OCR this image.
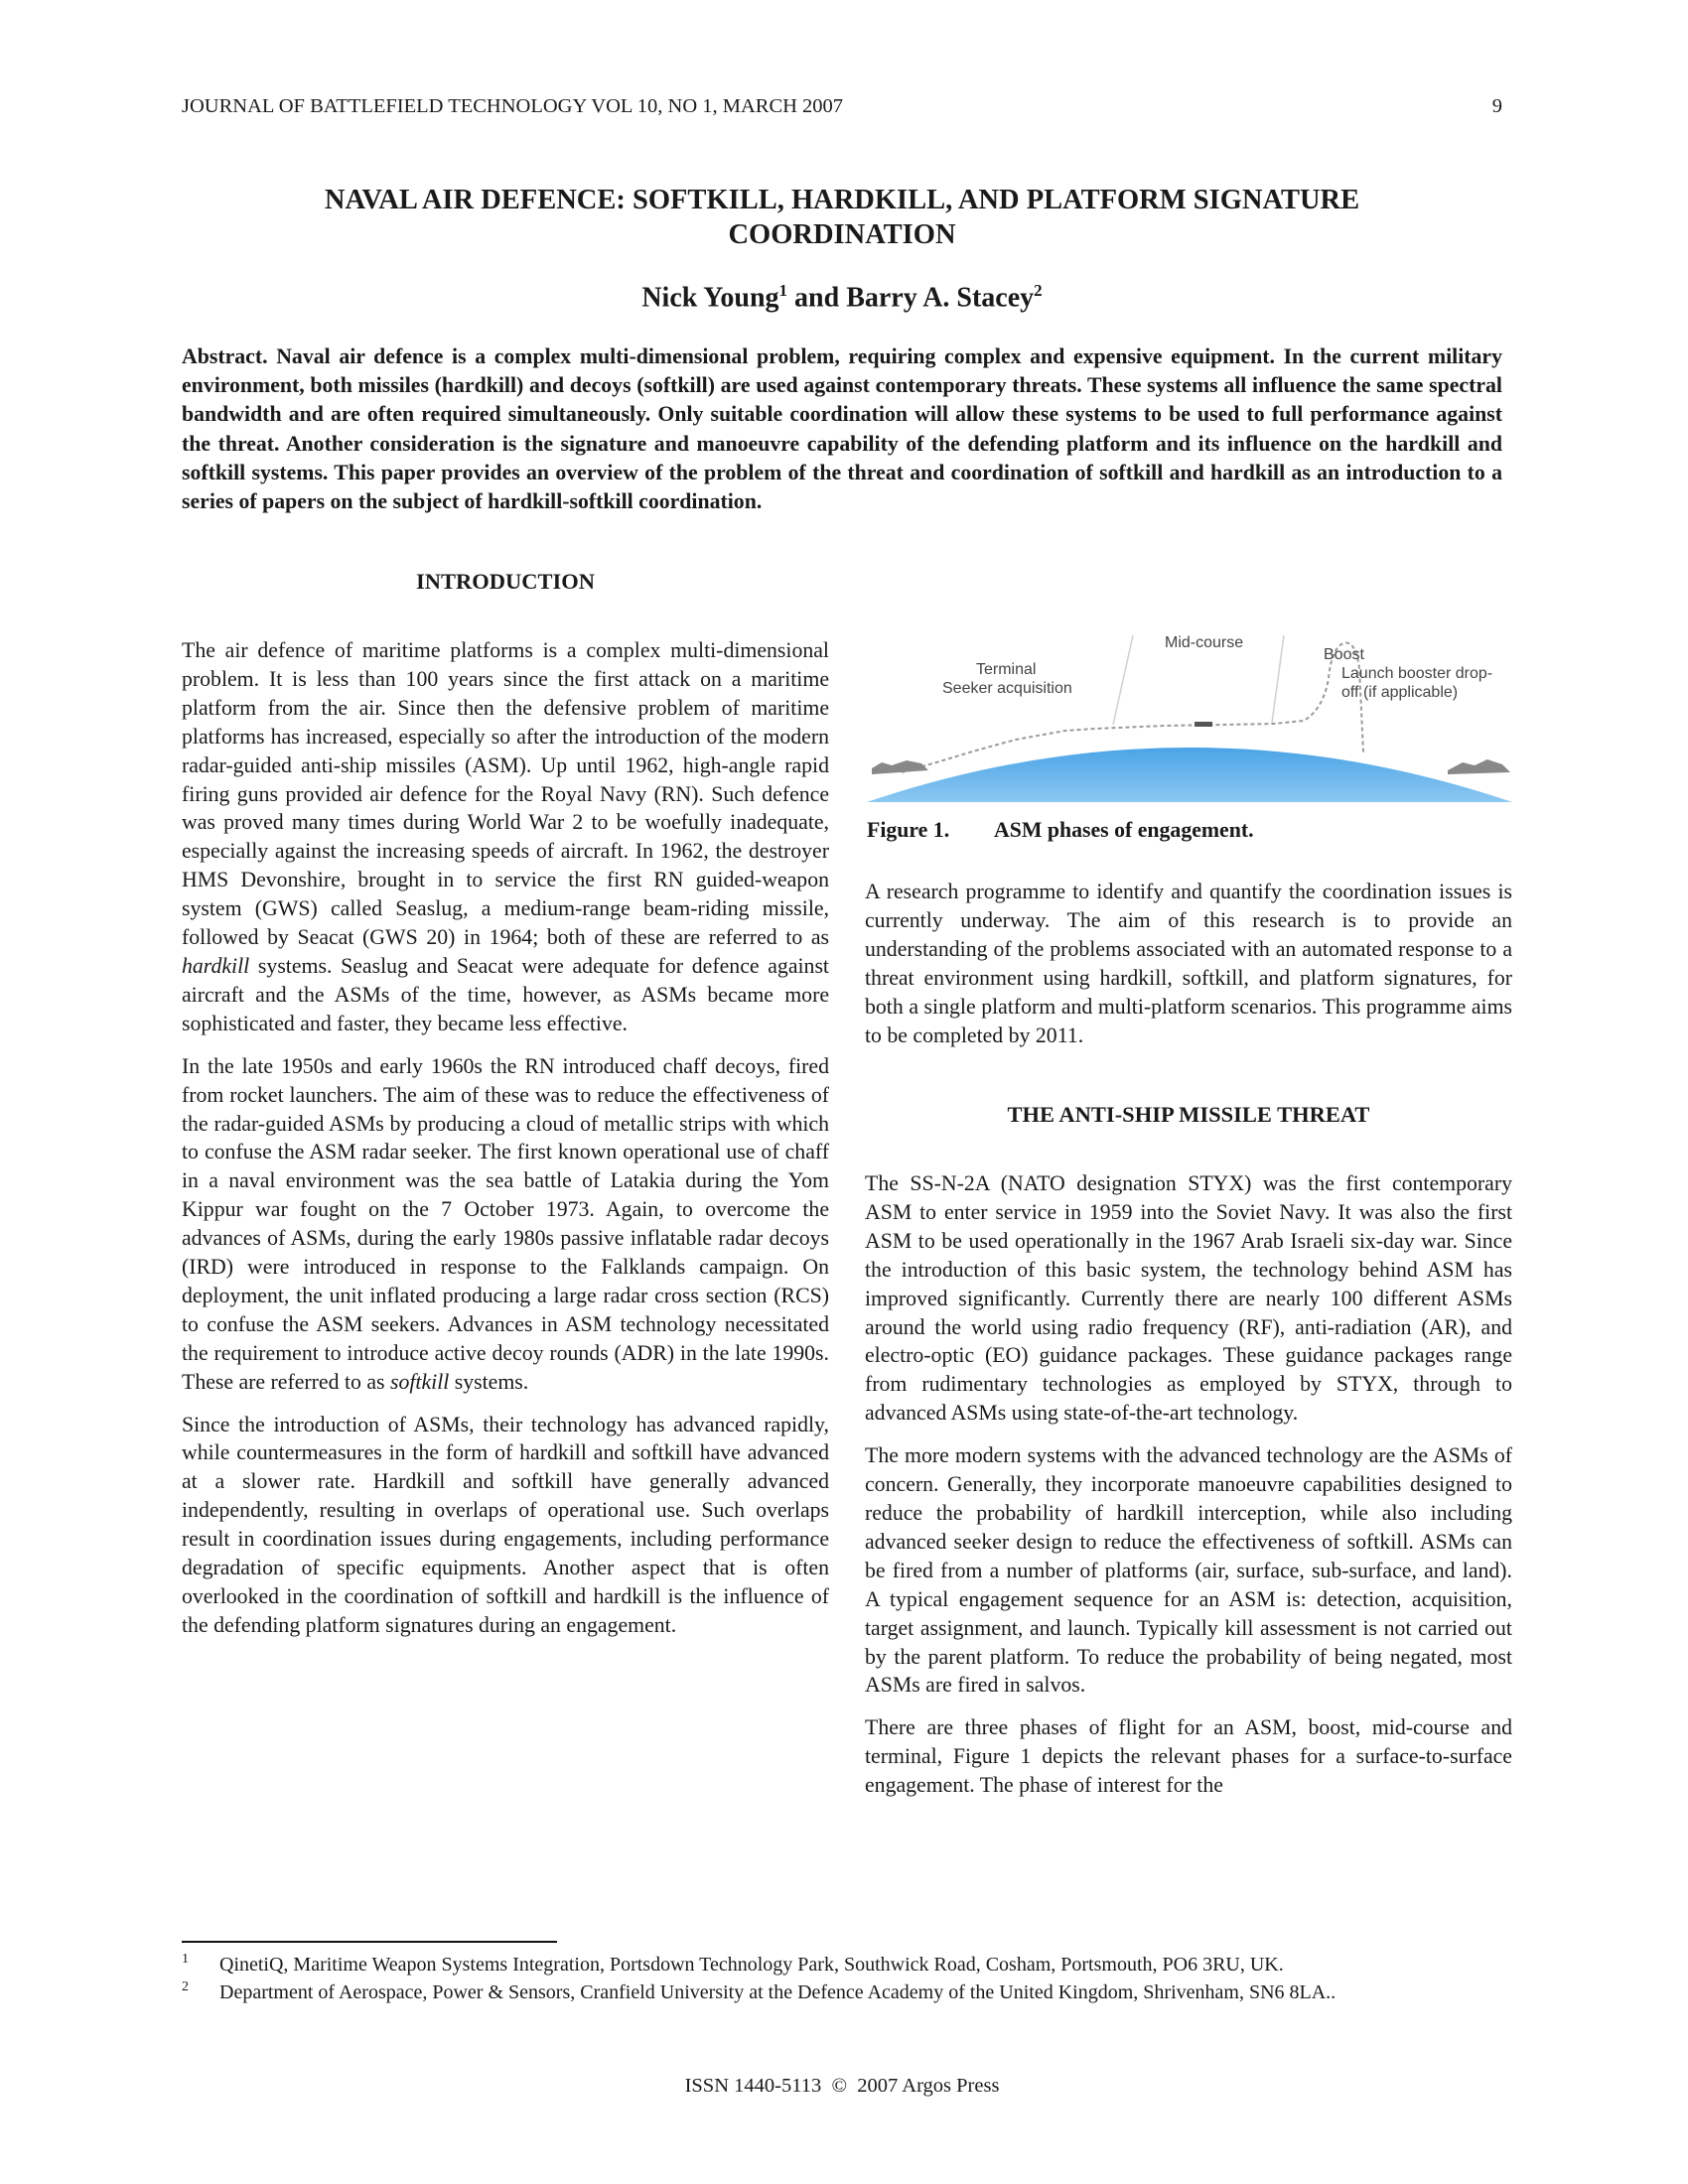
JOURNAL OF BATTLEFIELD TECHNOLOGY VOL 10, NO 1, MARCH 2007	9
NAVAL AIR DEFENCE: SOFTKILL, HARDKILL, AND PLATFORM SIGNATURE
COORDINATION
Nick Young$^1$ and Barry A. Stacey$^2$
Abstract. Naval air defence is a complex multi-dimensional problem, requiring complex and expensive equipment. In the current military environment, both missiles (hardkill) and decoys (softkill) are used against contemporary threats. These systems all influence the same spectral bandwidth and are often required simultaneously. Only suitable coordination will allow these systems to be used to full performance against the threat. Another consideration is the signature and manoeuvre capability of the defending platform and its influence on the hardkill and softkill systems. This paper provides an overview of the problem of the threat and coordination of softkill and hardkill as an introduction to a series of papers on the subject of hardkill-softkill coordination.
INTRODUCTION

The air defence of maritime platforms is a complex multi-dimensional problem. It is less than 100 years since the first attack on a maritime platform from the air. Since then the defensive problem of maritime platforms has increased, especially so after the introduction of the modern radar-guided anti-ship missiles (ASM). Up until 1962, high-angle rapid firing guns provided air defence for the Royal Navy (RN). Such defence was proved many times during World War 2 to be woefully inadequate, especially against the increasing speeds of aircraft. In 1962, the destroyer HMS Devonshire, brought in to service the first RN guided-weapon system (GWS) called Seaslug, a medium-range beam-riding missile, followed by Seacat (GWS 20) in 1964; both of these are referred to as hardkill systems. Seaslug and Seacat were adequate for defence against aircraft and the ASMs of the time, however, as ASMs became more sophisticated and faster, they became less effective.

In the late 1950s and early 1960s the RN introduced chaff decoys, fired from rocket launchers. The aim of these was to reduce the effectiveness of the radar-guided ASMs by producing a cloud of metallic strips with which to confuse the ASM radar seeker. The first known operational use of chaff in a naval environment was the sea battle of Latakia during the Yom Kippur war fought on the 7 October 1973. Again, to overcome the advances of ASMs, during the early 1980s passive inflatable radar decoys (IRD) were introduced in response to the Falklands campaign. On deployment, the unit inflated producing a large radar cross section (RCS) to confuse the ASM seekers. Advances in ASM technology necessitated the requirement to introduce active decoy rounds (ADR) in the late 1990s. These are referred to as softkill systems.

Since the introduction of ASMs, their technology has advanced rapidly, while countermeasures in the form of hardkill and softkill have advanced at a slower rate. Hardkill and softkill have generally advanced independently, resulting in overlaps of operational use. Such overlaps result in coordination issues during engagements, including performance degradation of specific equipments. Another aspect that is often overlooked in the coordination of softkill and hardkill is the influence of the defending platform signatures during an engagement.

Mid-course
Terminal
Seeker acquisition
Boost
Launch booster drop-
off (if applicable)
Figure 1. ASM phases of engagement.

A research programme to identify and quantify the coordination issues is currently underway. The aim of this research is to provide an understanding of the problems associated with an automated response to a threat environment using hardkill, softkill, and platform signatures, for both a single platform and multi-platform scenarios. This programme aims to be completed by 2011.

THE ANTI-SHIP MISSILE THREAT

The SS-N-2A (NATO designation STYX) was the first contemporary ASM to enter service in 1959 into the Soviet Navy. It was also the first ASM to be used operationally in the 1967 Arab Israeli six-day war. Since the introduction of this basic system, the technology behind ASM has improved significantly. Currently there are nearly 100 different ASMs around the world using radio frequency (RF), anti-radiation (AR), and electro-optic (EO) guidance packages. These guidance packages range from rudimentary technologies as employed by STYX, through to advanced ASMs using state-of-the-art technology.

The more modern systems with the advanced technology are the ASMs of concern. Generally, they incorporate manoeuvre capabilities designed to reduce the probability of hardkill interception, while also including advanced seeker design to reduce the effectiveness of softkill. ASMs can be fired from a number of platforms (air, surface, sub-surface, and land). A typical engagement sequence for an ASM is: detection, acquisition, target assignment, and launch. Typically kill assessment is not carried out by the parent platform. To reduce the probability of being negated, most ASMs are fired in salvos.

There are three phases of flight for an ASM, boost, mid-course and terminal, Figure 1 depicts the relevant phases for a surface-to-surface engagement. The phase of interest for the

1 QinetiQ, Maritime Weapon Systems Integration, Portsdown Technology Park, Southwick Road, Cosham, Portsmouth, PO6 3RU, UK.
2 Department of Aerospace, Power & Sensors, Cranfield University at the Defence Academy of the United Kingdom, Shrivenham, SN6 8LA..
ISSN 1440-5113  ©  2007 Argos Press
